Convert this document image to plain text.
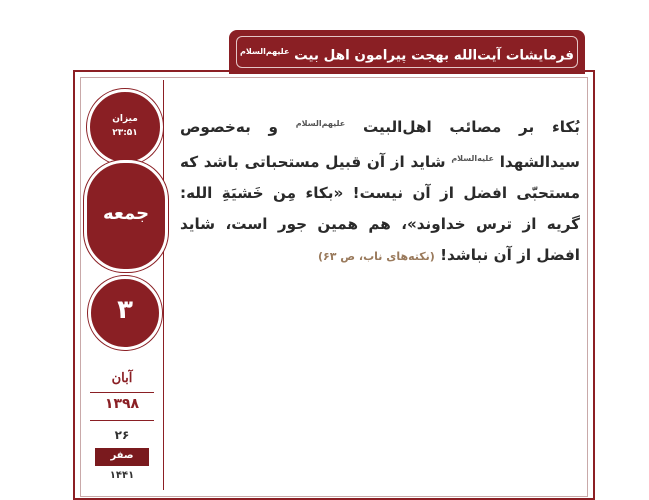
فرمایشات آیت‌الله بهجت پیرامون اهل بیت $^{علیهم‌السلام}$
میزان
۲۳:۵۱
جمعه
۳
آبان
۱۳۹۸
۲۶
صفر
۱۴۴۱
بُکاء بر مصائب اهل‌البیت $^{علیهم‌السلام}$ و به‌خصوص سیدالشهدا $^{علیه‌السلام}$ شاید از آن قبیل مستحباتی باشد که مستحبّی افضل از آن نیست! «بکاء مِن خَشیَةِ الله: گریه از ترس خداوند»، هم همین جور است، شاید افضل از آن نباشد! (نکته‌های ناب، ص ۶۳)
